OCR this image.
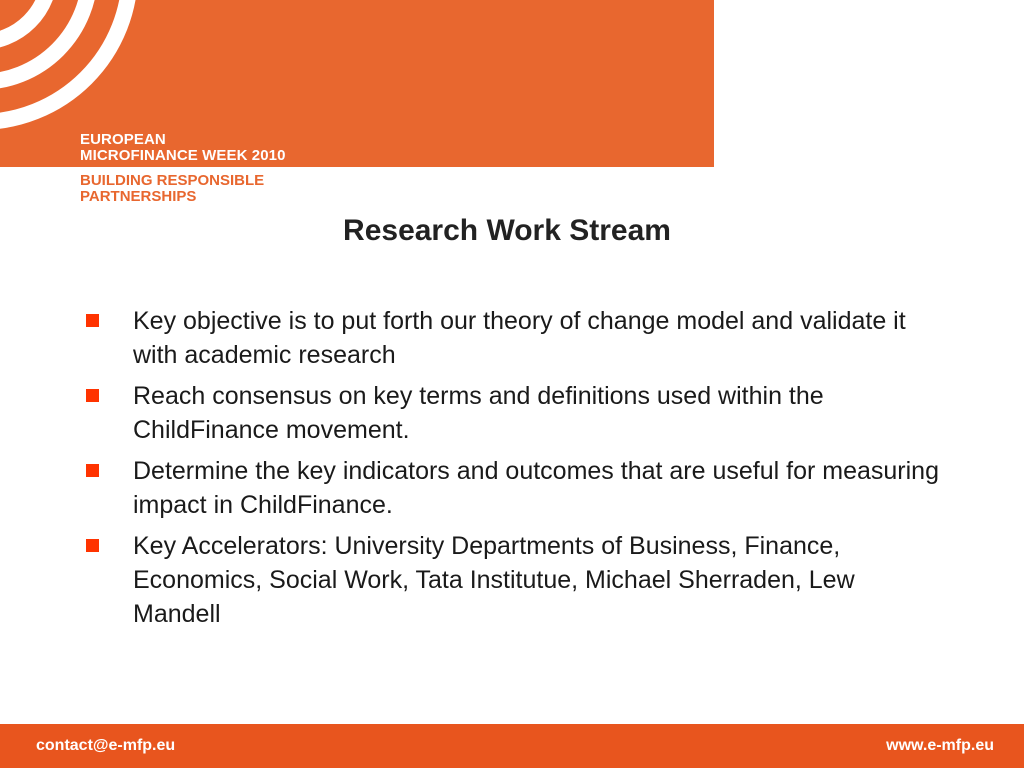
EUROPEAN
MICROFINANCE WEEK 2010
BUILDING RESPONSIBLE
PARTNERSHIPS
Research Work Stream
Key objective is to put forth our theory of change model and validate it with academic research
Reach consensus on key terms and definitions used within the ChildFinance movement.
Determine the key indicators and outcomes that are useful for measuring impact in ChildFinance.
Key Accelerators: University Departments of Business, Finance, Economics, Social Work, Tata Institutue, Michael Sherraden, Lew Mandell
contact@e-mfp.eu	www.e-mfp.eu
